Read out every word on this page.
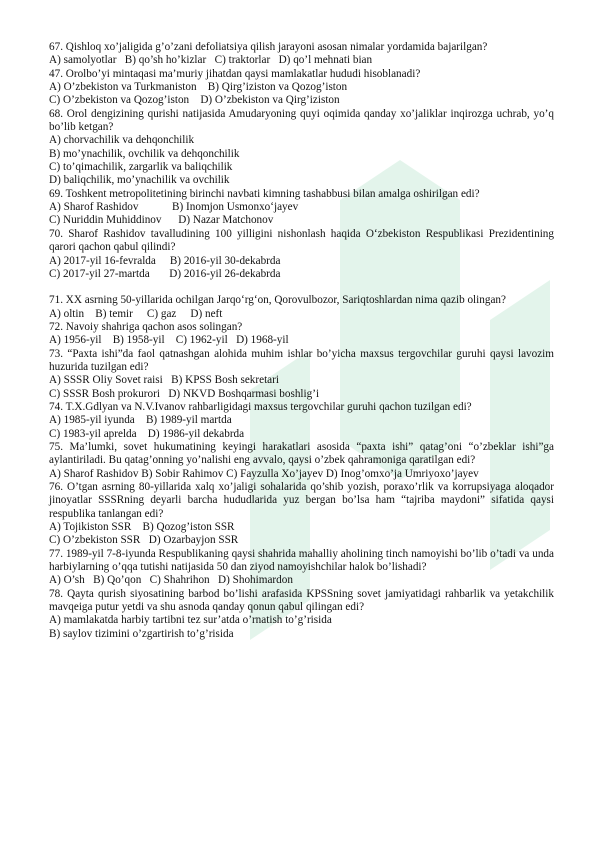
67. Qishloq xo’jaligida g’o’zani defoliatsiya qilish jarayoni asosan nimalar yordamida bajarilgan?
A) samolyotlar   B) qo’sh ho’kizlar   C) traktorlar   D) qo’l mehnati bian
47. Orolbo’yi mintaqasi ma’muriy jihatdan qaysi mamlakatlar hududi hisoblanadi?
A) O’zbekiston va Turkmaniston    B) Qirg’iziston va Qozog’iston
C) O’zbekiston va Qozog’iston    D) O’zbekiston va Qirg’iziston
68. Orol dengizining qurishi natijasida Amudaryoning quyi oqimida qanday xo’jaliklar inqirozga uchrab, yo’q bo’lib ketgan?
A) chorvachilik va dehqonchilik
B) mo’ynachilik, ovchilik va dehqonchilik
C) to’qimachilik, zargarlik va baliqchilik
D) baliqchilik, mo’ynachilik va ovchilik
69. Toshkent metropolitetining birinchi navbati kimning tashabbusi bilan amalga oshirilgan edi?
A) Sharof Rashidov            B) Inomjon Usmonxo‘jayev
C) Nuriddin Muhiddinov      D) Nazar Matchonov
70. Sharof Rashidov tavalludining 100 yilligini nishonlash haqida O‘zbekiston Respublikasi Prezidentining qarori qachon qabul qilindi?
A) 2017-yil 16-fevralda     B) 2016-yil 30-dekabrda
C) 2017-yil 27-martda       D) 2016-yil 26-dekabrda
71. XX asrning 50-yillarida ochilgan Jarqo‘rg‘on, Qorovulbozor, Sariqtoshlardan nima qazib olingan?
A) oltin    B) temir     C) gaz     D) neft
72. Navoiy shahriga qachon asos solingan?
A) 1956-yil    B) 1958-yil    C) 1962-yil   D) 1968-yil
73. “Paxta ishi”da faol qatnashgan alohida muhim ishlar bo’yicha maxsus tergovchilar guruhi qaysi lavozim huzurida tuzilgan edi?
A) SSSR Oliy Sovet raisi   B) KPSS Bosh sekretari
C) SSSR Bosh prokurori   D) NKVD Boshqarmasi boshlig’i
74. T.X.Gdlyan va N.V.Ivanov rahbarligidagi maxsus tergovchilar guruhi qachon tuzilgan edi?
A) 1985-yil iyunda    B) 1989-yil martda
C) 1983-yil aprelda    D) 1986-yil dekabrda
75. Ma’lumki, sovet hukumatining keyingi harakatlari asosida “paxta ishi” qatag’oni “o’zbeklar ishi”ga aylantiriladi. Bu qatag’onning yo’nalishi eng avvalo, qaysi o’zbek qahramoniga qaratilgan edi?
A) Sharof Rashidov B) Sobir Rahimov C) Fayzulla Xo’jayev D) Inog’omxo’ja Umriyoxo’jayev
76. O’tgan asrning 80-yillarida xalq xo’jaligi sohalarida qo’shib yozish, poraxo’rlik va korrupsiyaga aloqador jinoyatlar SSSRning deyarli barcha hududlarida yuz bergan bo’lsa ham “tajriba maydoni” sifatida qaysi respublika tanlangan edi?
A) Tojikiston SSR    B) Qozog’iston SSR
C) O’zbekiston SSR   D) Ozarbayjon SSR
77. 1989-yil 7-8-iyunda Respublikaning qaysi shahrida mahalliy aholining tinch namoyishi bo’lib o’tadi va unda harbiylarning o’qqa tutishi natijasida 50 dan ziyod namoyishchilar halok bo’lishadi?
A) O’sh   B) Qo’qon   C) Shahrihon   D) Shohimardon
78. Qayta qurish siyosatining barbod bo’lishi arafasida KPSSning sovet jamiyatidagi rahbarlik va yetakchilik mavqeiga putur yetdi va shu asnoda qanday qonun qabul qilingan edi?
A) mamlakatda harbiy tartibni tez sur’atda o’rnatish to’g’risida
B) saylov tizimini o’zgartirish to’g’risida
